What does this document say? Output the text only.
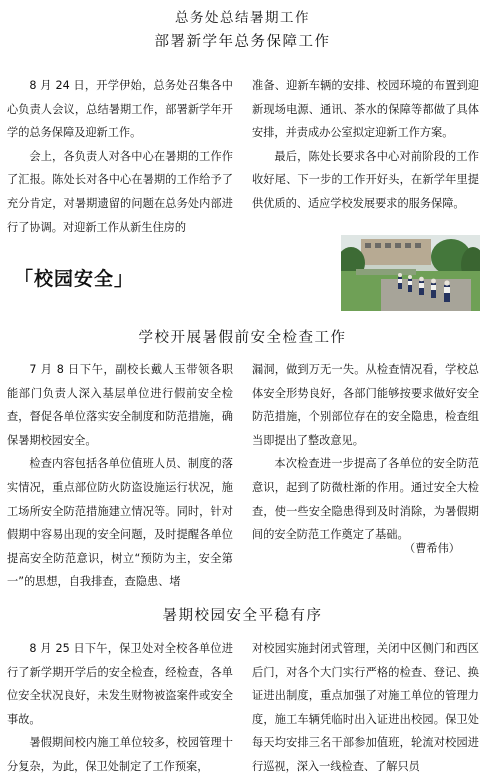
总务处总结暑期工作
部署新学年总务保障工作

8 月 24 日，开学伊始，总务处召集各中心负责人会议，总结暑期工作，部署新学年开学的总务保障及迎新工作。

会上，各负责人对各中心在暑期的工作作了汇报。陈处长对各中心在暑期的工作给予了充分肯定，对暑期遗留的问题在总务处内部进行了协调。对迎新工作从新生住房的

准备、迎新车辆的安排、校园环境的布置到迎新现场电源、通讯、茶水的保障等都做了具体安排，并责成办公室拟定迎新工作方案。

最后，陈处长要求各中心对前阶段的工作收好尾、下一步的工作开好头，在新学年里提供优质的、适应学校发展要求的服务保障。

「校园安全」
学校开展暑假前安全检查工作

7 月 8 日下午，副校长戴人玉带领各职能部门负责人深入基层单位进行假前安全检查，督促各单位落实安全制度和防范措施，确保暑期校园安全。

检查内容包括各单位值班人员、制度的落实情况，重点部位防火防盗设施运行状况，施工场所安全防范措施建立情况等。同时，针对假期中容易出现的安全问题，及时提醒各单位提高安全防范意识，树立“预防为主，安全第一”的思想，自我排查，查隐患、堵

漏洞，做到万无一失。从检查情况看，学校总体安全形势良好，各部门能够按要求做好安全防范措施，个别部位存在的安全隐患，检查组当即提出了整改意见。

本次检查进一步提高了各单位的安全防范意识，起到了防微杜渐的作用。通过安全大检查，使一些安全隐患得到及时消除，为暑假期间的安全防范工作奠定了基础。

（曹希伟）
暑期校园安全平稳有序

8 月 25 日下午，保卫处对全校各单位进行了新学期开学后的安全检查，经检查，各单位安全状况良好，未发生财物被盗案件或安全事故。

暑假期间校内施工单位较多，校园管理十分复杂，为此，保卫处制定了工作预案，

对校园实施封闭式管理，关闭中区侧门和西区后门，对各个大门实行严格的检查、登记、换证进出制度，重点加强了对施工单位的管理力度，施工车辆凭临时出入证进出校园。保卫处每天均安排三名干部参加值班，轮流对校园进行巡视，深入一线检查、了解只员
